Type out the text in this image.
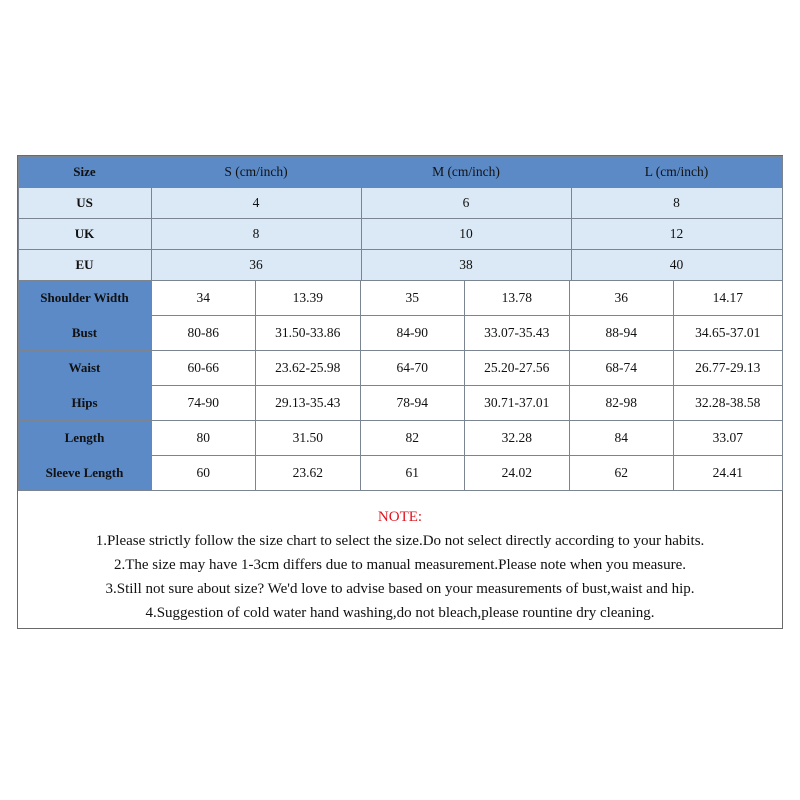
Size	S (cm/inch)	M (cm/inch)	L (cm/inch)
US	4	6	8
UK	8	10	12
EU	36	38	40
Shoulder Width	34	13.39	35	13.78	36	14.17
Bust	80-86	31.50-33.86	84-90	33.07-35.43	88-94	34.65-37.01
Waist	60-66	23.62-25.98	64-70	25.20-27.56	68-74	26.77-29.13
Hips	74-90	29.13-35.43	78-94	30.71-37.01	82-98	32.28-38.58
Length	80	31.50	82	32.28	84	33.07
Sleeve Length	60	23.62	61	24.02	62	24.41
NOTE:
1.Please strictly follow the size chart to select the size.Do not select directly according to your habits.
2.The size may have 1-3cm differs due to manual measurement.Please note when you measure.
3.Still not sure about size? We'd love to advise based on your measurements of bust,waist and hip.
4.Suggestion of cold water hand washing,do not bleach,please rountine dry cleaning.
